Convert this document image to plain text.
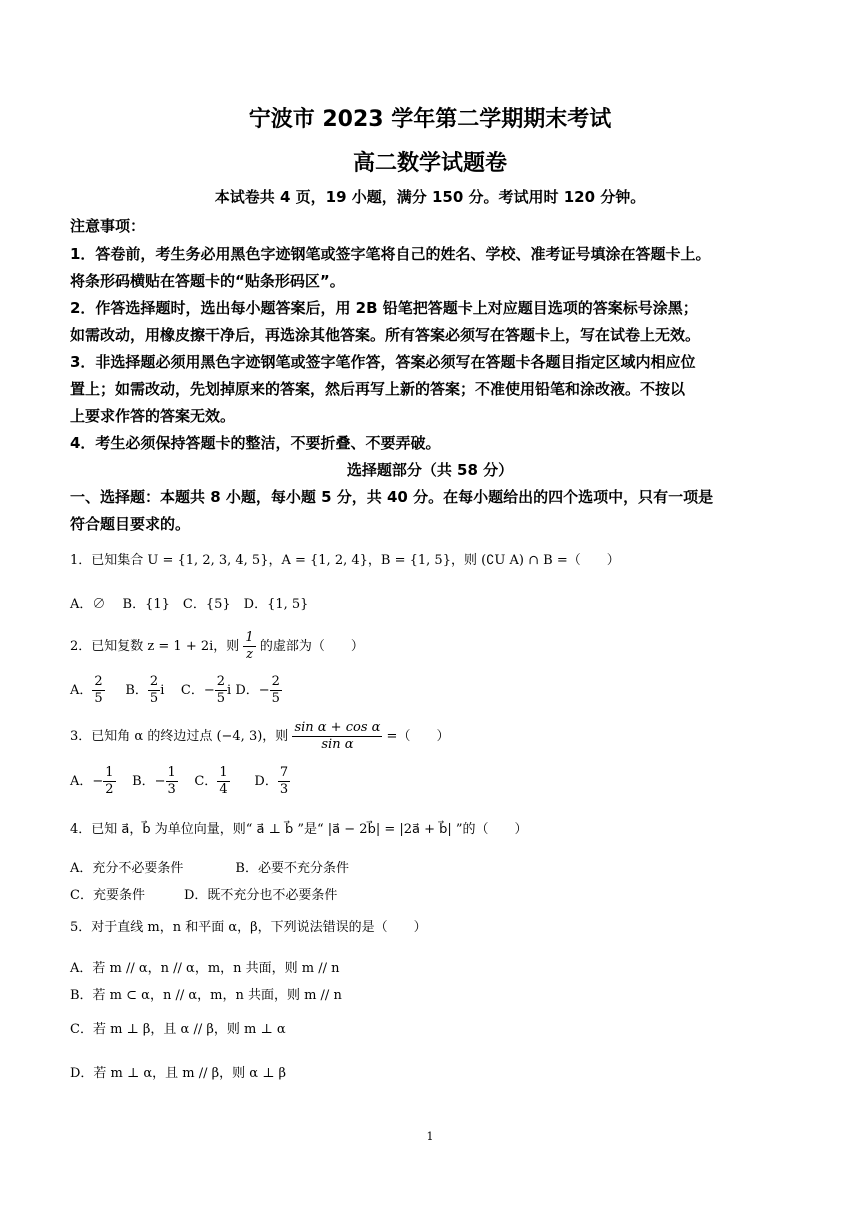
宁波市 2023 学年第二学期期末考试
高二数学试题卷
本试卷共 4 页，19 小题，满分 150 分。考试用时 120 分钟。
注意事项：
1．答卷前，考生务必用黑色字迹钢笔或签字笔将自己的姓名、学校、准考证号填涂在答题卡上。
将条形码横贴在答题卡的“贴条形码区”。
2．作答选择题时，选出每小题答案后，用 2B 铅笔把答题卡上对应题目选项的答案标号涂黑；
如需改动，用橡皮擦干净后，再选涂其他答案。所有答案必须写在答题卡上，写在试卷上无效。
3．非选择题必须用黑色字迹钢笔或签字笔作答，答案必须写在答题卡各题目指定区域内相应位
置上；如需改动，先划掉原来的答案，然后再写上新的答案；不准使用铅笔和涂改液。不按以
上要求作答的答案无效。
4．考生必须保持答题卡的整洁，不要折叠、不要弄破。
选择题部分（共 58 分）
一、选择题：本题共 8 小题，每小题 5 分，共 40 分。在每小题给出的四个选项中，只有一项是
符合题目要求的。
1．已知集合 U = {1, 2, 3, 4, 5}，A = {1, 2, 4}，B = {1, 5}，则 (∁U A) ∩ B =（　　）
A．∅　 B．{1}　C．{5}　D．{1, 5}
2．已知复数 z = 1 + 2i，则 $\frac{1}{z}$ 的虚部为（　　）
A． $\frac{2}{5}$ B． $\frac{2}{5}$ i C．− $\frac{2}{5}$ i D．− $\frac{2}{5}$
3．已知角 α 的终边过点 (−4, 3)，则 $\frac{\text{sin α + cos α}}{\text{sin α}}$ =（　　）
A．− $\frac{1}{2}$ B．− $\frac{1}{3}$ C． $\frac{1}{4}$ D． $\frac{7}{3}$
4．已知 a⃗，b⃗ 为单位向量，则“ a⃗ ⊥ b⃗ ”是“ |a⃗ − 2b⃗| = |2a⃗ + b⃗| ”的（　　）
A．充分不必要条件　　　　B．必要不充分条件
C．充要条件　　　D．既不充分也不必要条件
5．对于直线 m，n 和平面 α，β，下列说法错误的是（　　）
A．若 m // α，n // α，m，n 共面，则 m // n
B．若 m ⊂ α，n // α，m，n 共面，则 m // n
C．若 m ⊥ β，且 α // β，则 m ⊥ α
D．若 m ⊥ α，且 m // β，则 α ⊥ β
1
